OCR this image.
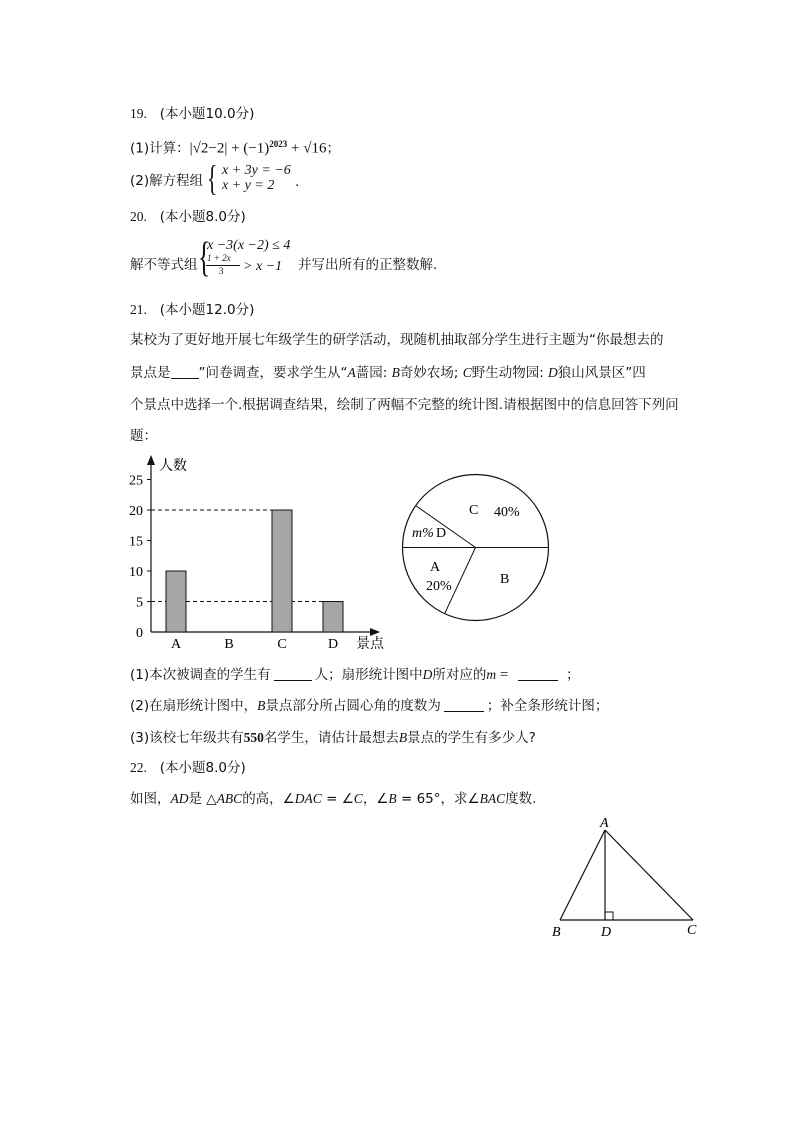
19. (本小题10.0分)
(1)计算：$|√2-2| + (-1)^{2023} + √16$；
(2)解方程组 { x + 3y = −6
x + y = 2 .
20. (本小题8.0分)
解不等式组 {
x −3(x −2) ≤ 4
1 + 2x
3 > x −1 并写出所有的正整数解.
21. (本小题12.0分)
某校为了更好地开展七年级学生的研学活动，现随机抽取部分学生进行主题为“你最想去的
景点是 ”问卷调查，要求学生从“A蔷园: B奇妙农场; C野生动物园: D狼山风景区”四
个景点中选择一个.根据调查结果，绘制了两幅不完整的统计图.请根据图中的信息回答下列问
题：
人数
景点
0
5
10
15
20
25
A	B	C	D
C 40%
B
A
20%
m% D
(1)本次被调查的学生有	人；扇形统计图中D所对应的m =	；
(2)在扇形统计图中，B景点部分所占圆心角的度数为	；补全条形统计图；
(3)该校七年级共有550名学生，请估计最想去B景点的学生有多少人?
22. (本小题8.0分)
如图，AD是 △ABC的高，∠DAC = ∠C，∠B = 65°，求∠BAC度数.
A
B	D	C
